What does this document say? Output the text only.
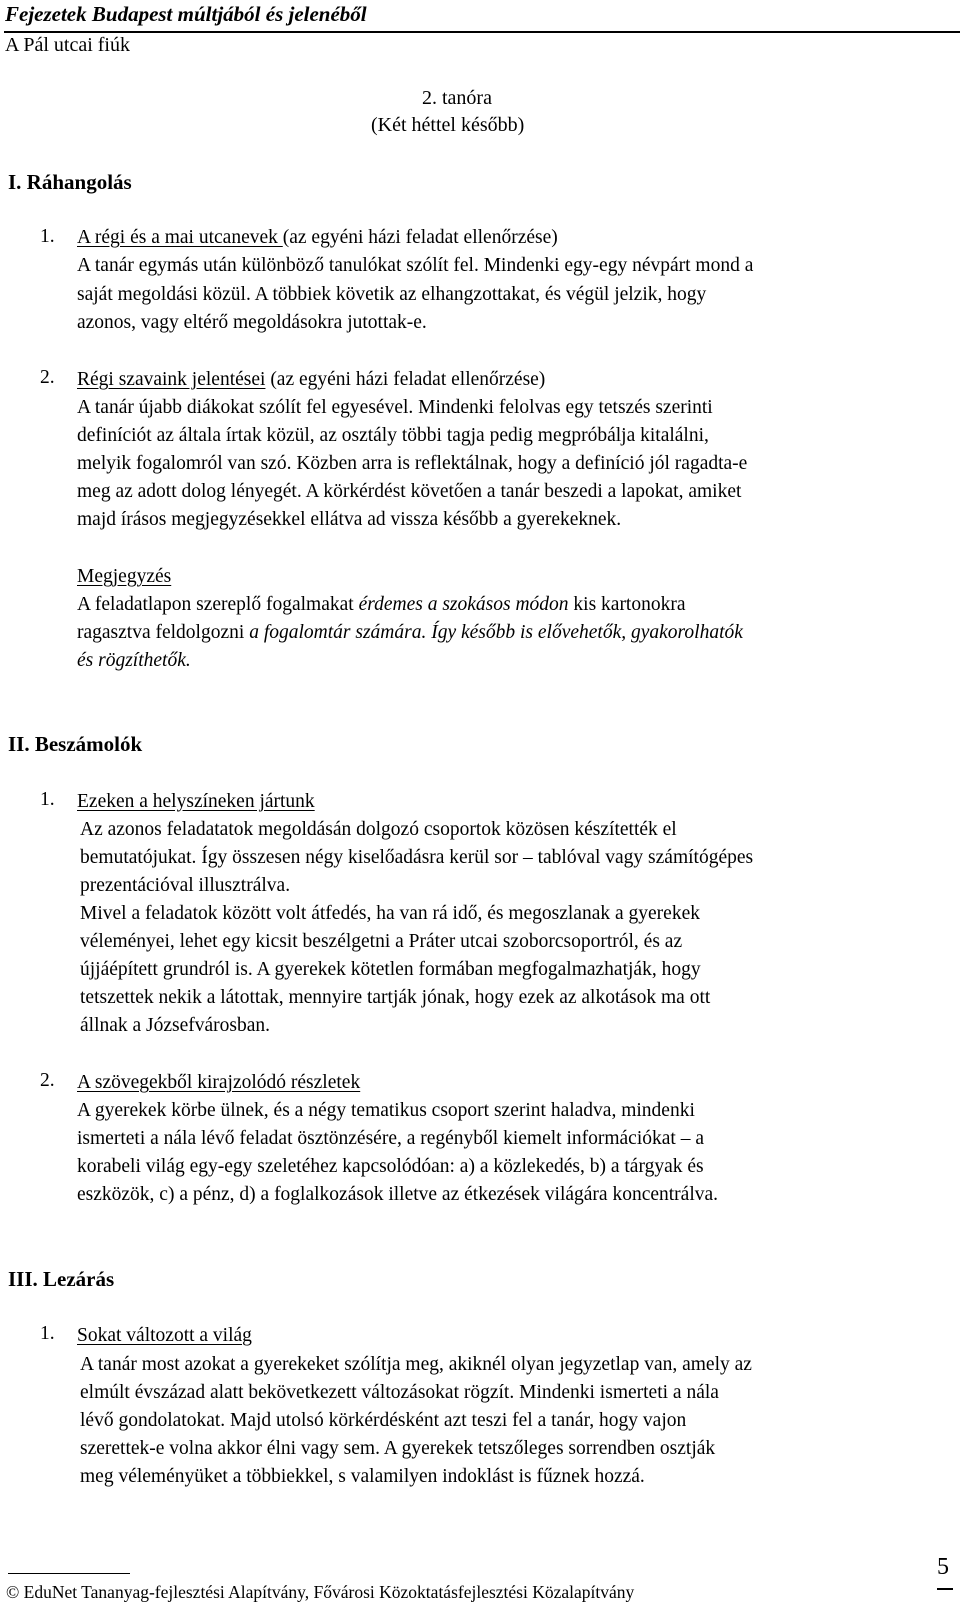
Fejezetek Budapest múltjából és jelenéből
A Pál utcai fiúk
2. tanóra
(Két héttel később)
I. Ráhangolás
1. A régi és a mai utcanevek (az egyéni házi feladat ellenőrzése)
A tanár egymás után különböző tanulókat szólít fel. Mindenki egy-egy névpárt mond a
saját megoldási közül. A többiek követik az elhangzottakat, és végül jelzik, hogy
azonos, vagy eltérő megoldásokra jutottak-e.
2. Régi szavaink jelentései (az egyéni házi feladat ellenőrzése)
A tanár újabb diákokat szólít fel egyesével. Mindenki felolvas egy tetszés szerinti
definíciót az általa írtak közül, az osztály többi tagja pedig megpróbálja kitalálni,
melyik fogalomról van szó. Közben arra is reflektálnak, hogy a definíció jól ragadta-e
meg az adott dolog lényegét. A körkérdést követően a tanár beszedi a lapokat, amiket
majd írásos megjegyzésekkel ellátva ad vissza később a gyerekeknek.
Megjegyzés
A feladatlapon szereplő fogalmakat érdemes a szokásos módon kis kartonokra
ragasztva feldolgozni a fogalomtár számára. Így később is elővehetők, gyakorolhatók
és rögzíthetők.
II. Beszámolók
1. Ezeken a helyszíneken jártunk
Az azonos feladatatok megoldásán dolgozó csoportok közösen készítették el
bemutatójukat. Így összesen négy kiselőadásra kerül sor – tablóval vagy számítógépes
prezentációval illusztrálva.
Mivel a feladatok között volt átfedés, ha van rá idő, és megoszlanak a gyerekek
véleményei, lehet egy kicsit beszélgetni a Práter utcai szoborcsoportról, és az
újjáépített grundról is. A gyerekek kötetlen formában megfogalmazhatják, hogy
tetszettek nekik a látottak, mennyire tartják jónak, hogy ezek az alkotások ma ott
állnak a Józsefvárosban.
2. A szövegekből kirajzolódó részletek
A gyerekek körbe ülnek, és a négy tematikus csoport szerint haladva, mindenki
ismerteti a nála lévő feladat ösztönzésére, a regényből kiemelt információkat – a
korabeli világ egy-egy szeletéhez kapcsolódóan: a) a közlekedés, b) a tárgyak és
eszközök, c) a pénz, d) a foglalkozások illetve az étkezések világára koncentrálva.
III. Lezárás
1. Sokat változott a világ
A tanár most azokat a gyerekeket szólítja meg, akiknél olyan jegyzetlap van, amely az
elmúlt évszázad alatt bekövetkezett változásokat rögzít. Mindenki ismerteti a nála
lévő gondolatokat. Majd utolsó körkérdésként azt teszi fel a tanár, hogy vajon
szerettek-e volna akkor élni vagy sem. A gyerekek tetszőleges sorrendben osztják
meg véleményüket a többiekkel, s valamilyen indoklást is fűznek hozzá.
© EduNet Tananyag-fejlesztési Alapítvány, Fővárosi Közoktatásfejlesztési Közalapítvány
5
